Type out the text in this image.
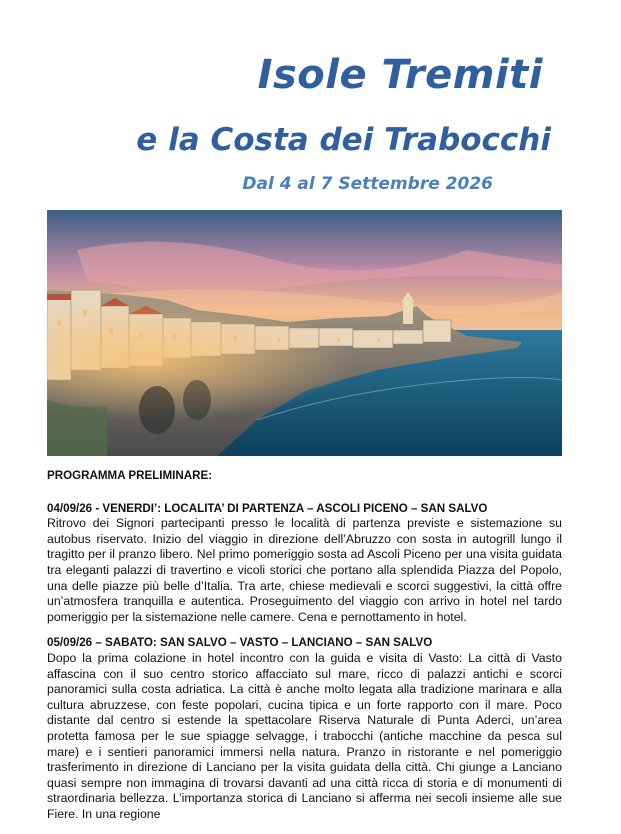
Isole Tremiti
e la Costa dei Trabocchi
Dal 4 al 7 Settembre 2026

PROGRAMMA PRELIMINARE:

04/09/26 - VENERDI’: LOCALITA’ DI PARTENZA – ASCOLI PICENO – SAN SALVO

Ritrovo dei Signori partecipanti presso le località di partenza previste e sistemazione su autobus riservato. Inizio del viaggio in direzione dell’Abruzzo con sosta in autogrill lungo il tragitto per il pranzo libero. Nel primo pomeriggio sosta ad Ascoli Piceno per una visita guidata tra eleganti palazzi di travertino e vicoli storici che portano alla splendida Piazza del Popolo, una delle piazze più belle d’Italia. Tra arte, chiese medievali e scorci suggestivi, la città offre un’atmosfera tranquilla e autentica. Proseguimento del viaggio con arrivo in hotel nel tardo pomeriggio per la sistemazione nelle camere. Cena e pernottamento in hotel.

05/09/26 – SABATO: SAN SALVO – VASTO – LANCIANO – SAN SALVO

Dopo la prima colazione in hotel incontro con la guida e visita di Vasto: La città di Vasto affascina con il suo centro storico affacciato sul mare, ricco di palazzi antichi e scorci panoramici sulla costa adriatica. La città è anche molto legata alla tradizione marinara e alla cultura abruzzese, con feste popolari, cucina tipica e un forte rapporto con il mare. Poco distante dal centro si estende la spettacolare Riserva Naturale di Punta Aderci, un’area protetta famosa per le sue spiagge selvagge, i trabocchi (antiche macchine da pesca sul mare) e i sentieri panoramici immersi nella natura. Pranzo in ristorante e nel pomeriggio trasferimento in direzione di Lanciano per la visita guidata della città. Chi giunge a Lanciano quasi sempre non immagina di trovarsi davanti ad una città ricca di storia e di monumenti di straordinaria bellezza. L’importanza storica di Lanciano si afferma nei secoli insieme alle sue Fiere. In una regione
